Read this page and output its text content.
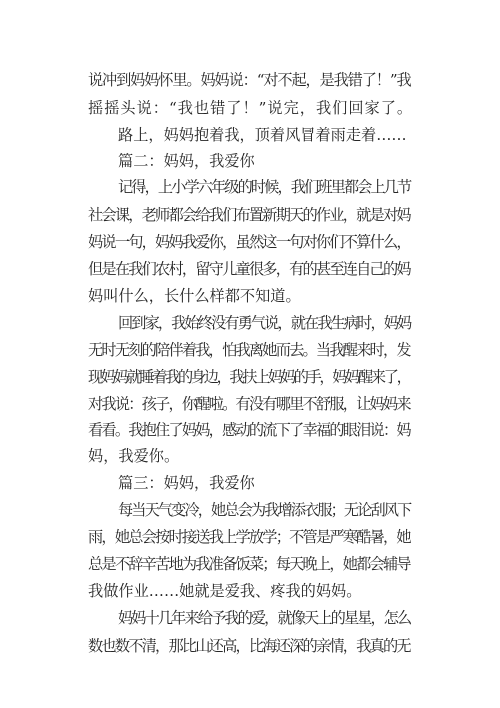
说冲到妈妈怀里。妈妈说：“对不起，是我错了！”我
摇摇头说：“我也错了！”说完，我们回家了。
路上，妈妈抱着我，顶着风冒着雨走着……
篇二：妈妈，我爱你
记得，上小学六年级的时候，我们班里都会上几节
社会课，老师都会给我们布置新期天的作业，就是对妈
妈说一句，妈妈我爱你，虽然这一句对你们不算什么，
但是在我们农村，留守儿童很多，有的甚至连自己的妈
妈叫什么，长什么样都不知道。
回到家，我始终没有勇气说，就在我生病时，妈妈
无时无刻的陪伴着我，怕我离她而去。当我醒来时，发
现妈妈就睡着我的身边，我扶上妈妈的手，妈妈醒来了，
对我说：孩子，你醒啦。有没有哪里不舒服，让妈妈来
看看。我抱住了妈妈，感动的流下了幸福的眼泪说：妈
妈，我爱你。
篇三：妈妈，我爱你
每当天气变冷，她总会为我增添衣服；无论刮风下
雨，她总会按时接送我上学放学；不管是严寒酷暑，她
总是不辞辛苦地为我准备饭菜；每天晚上，她都会辅导
我做作业……她就是爱我、疼我的妈妈。
妈妈十几年来给予我的爱，就像天上的星星，怎么
数也数不清，那比山还高，比海还深的亲情，我真的无
